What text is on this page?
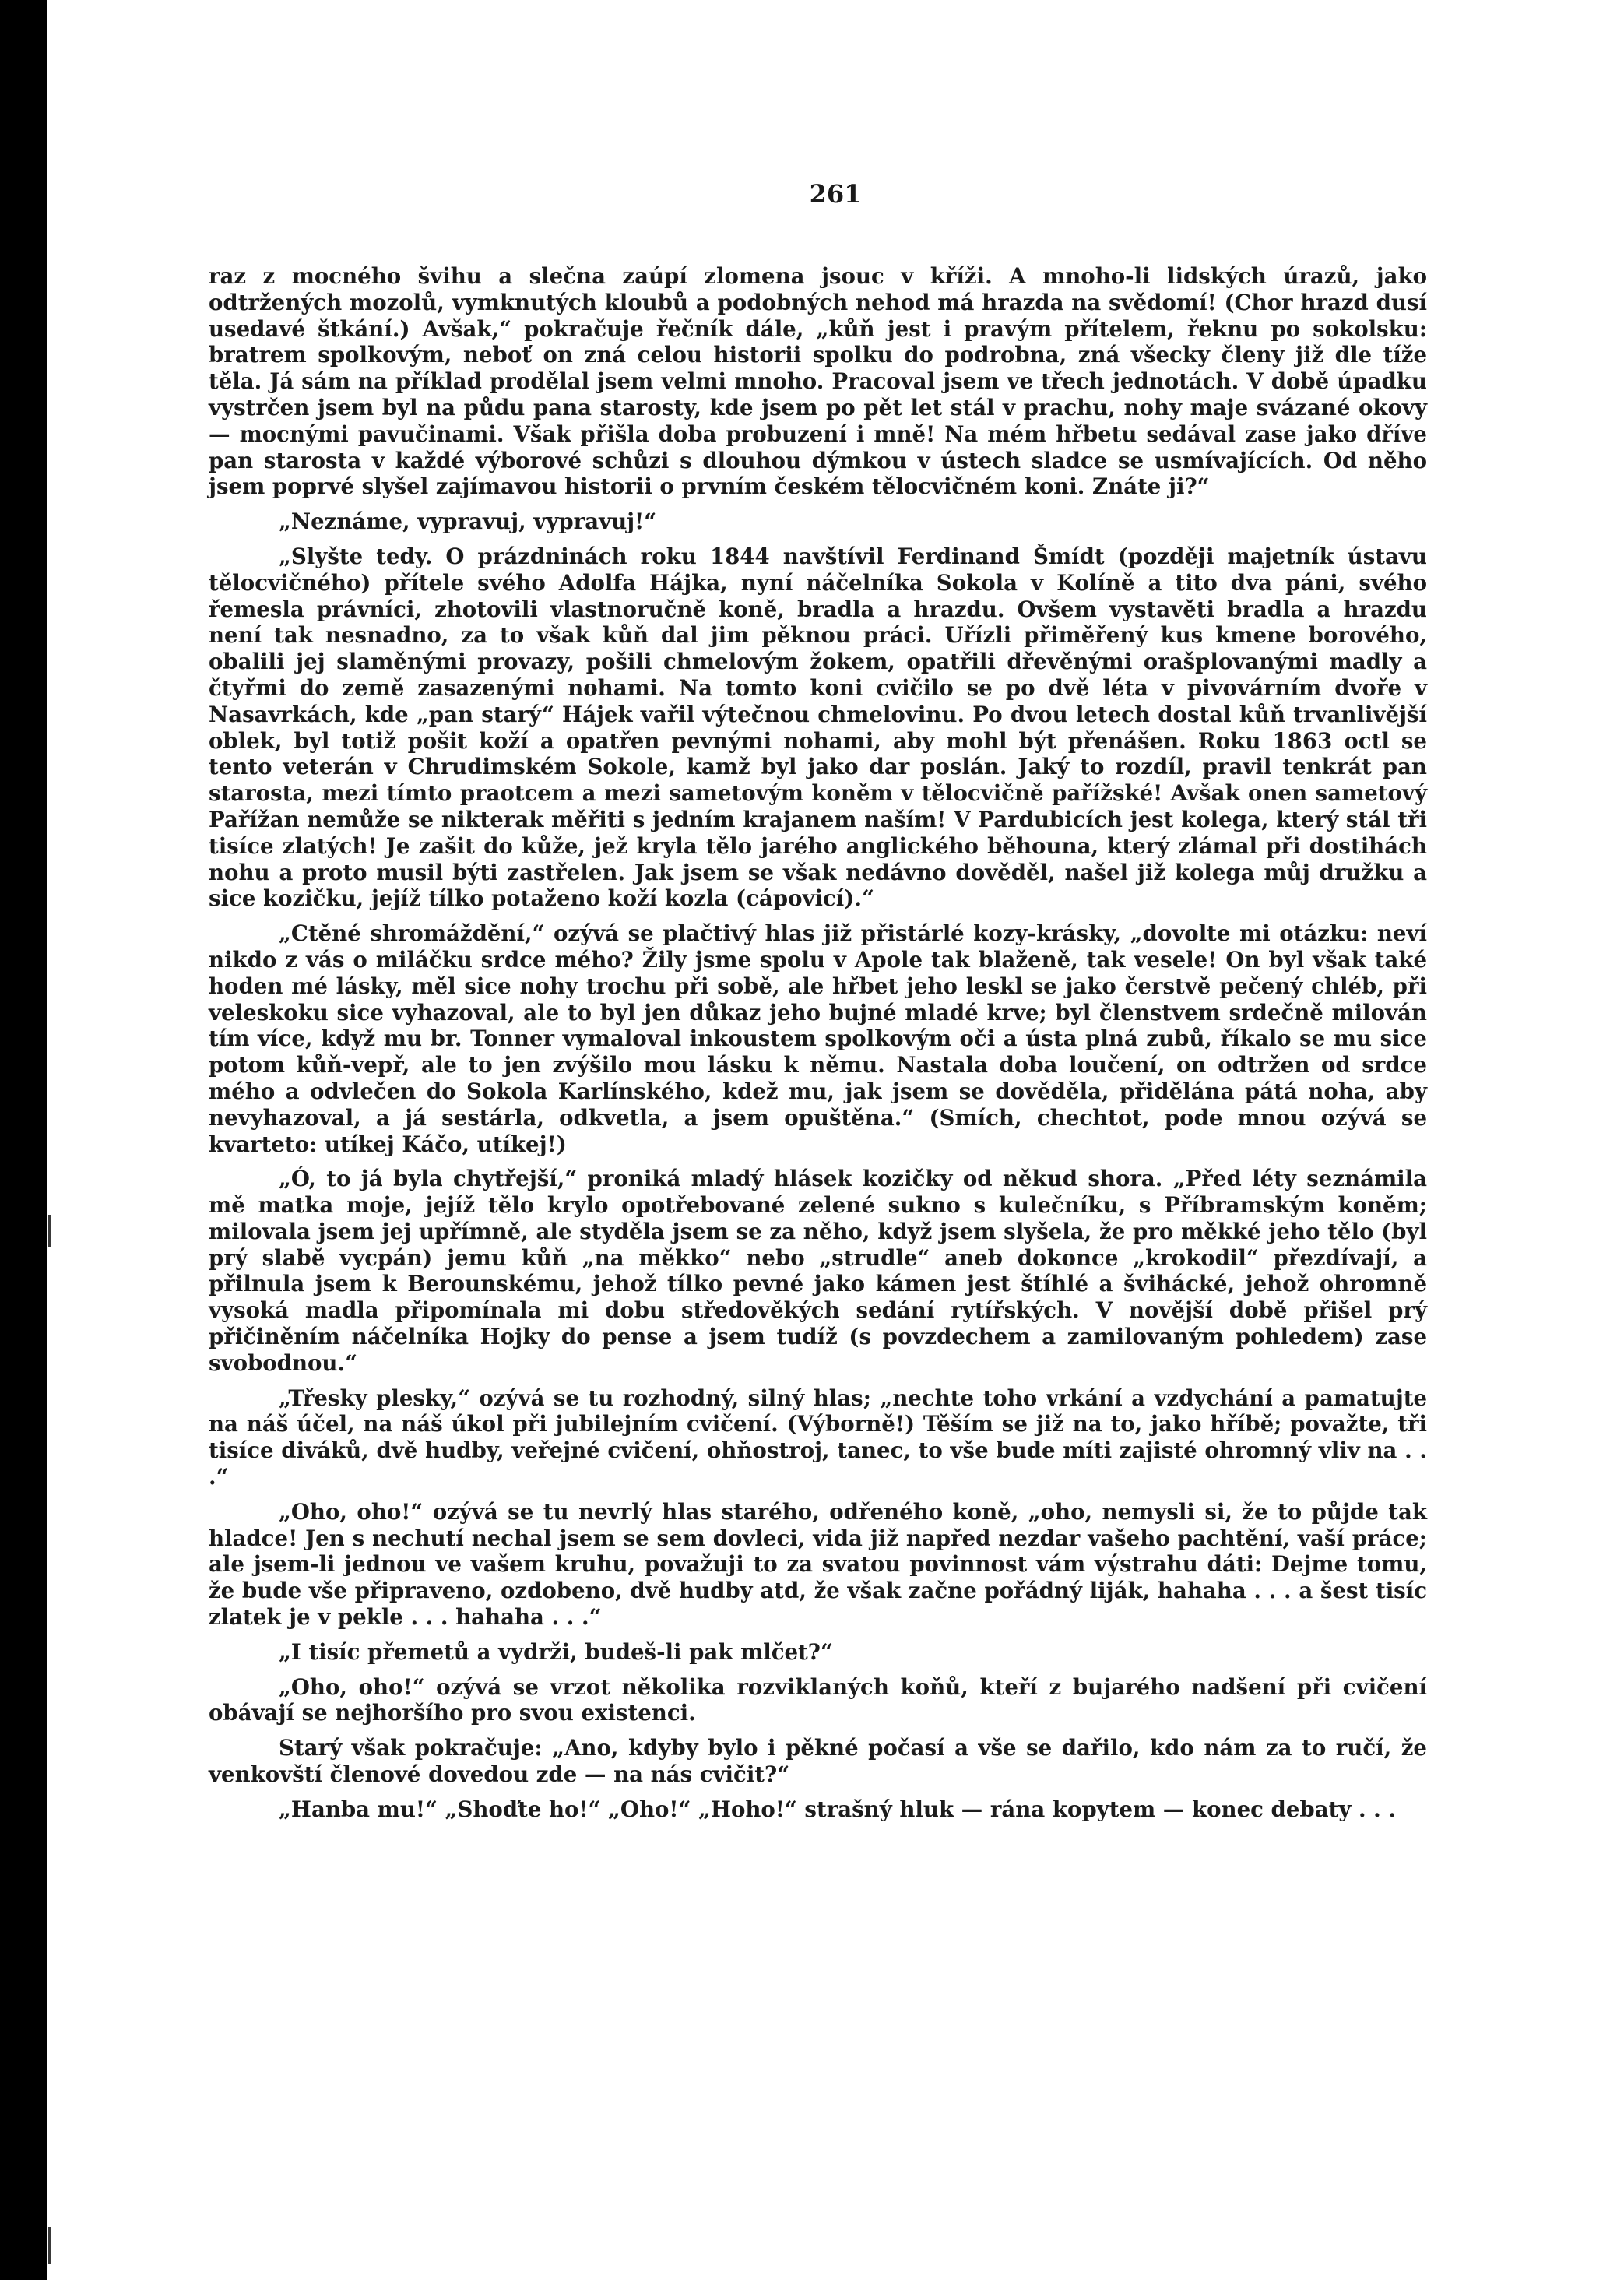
261

raz z mocného švihu a slečna zaúpí zlomena jsouc v kříži. A mnoho-li lidských úrazů, jako odtržených mozolů, vymknutých kloubů a podobných nehod má hrazda na svědomí! (Chor hrazd dusí usedavé štkání.) Avšak,“ pokračuje řečník dále, „kůň jest i pravým přítelem, řeknu po sokolsku: bratrem spolkovým, neboť on zná celou historii spolku do podrobna, zná všecky členy již dle tíže těla. Já sám na příklad prodělal jsem velmi mnoho. Pracoval jsem ve třech jednotách. V době úpadku vystrčen jsem byl na půdu pana starosty, kde jsem po pět let stál v prachu, nohy maje svázané okovy — mocnými pavučinami. Však přišla doba probuzení i mně! Na mém hřbetu sedával zase jako dříve pan starosta v každé výborové schůzi s dlouhou dýmkou v ústech sladce se usmívajících. Od něho jsem poprvé slyšel zajímavou historii o prvním českém tělocvičném koni. Znáte ji?“

„Neznáme, vypravuj, vypravuj!“

„Slyšte tedy. O prázdninách roku 1844 navštívil Ferdinand Šmídt (později majetník ústavu tělocvičného) přítele svého Adolfa Hájka, nyní náčelníka Sokola v Kolíně a tito dva páni, svého řemesla právníci, zhotovili vlastnoručně koně, bradla a hrazdu. Ovšem vystavěti bradla a hrazdu není tak nesnadno, za to však kůň dal jim pěknou práci. Uřízli přiměřený kus kmene borového, obalili jej slaměnými provazy, pošili chmelovým žokem, opatřili dřevěnými orašplovanými madly a čtyřmi do země zasazenými nohami. Na tomto koni cvičilo se po dvě léta v pivovárním dvoře v Nasavrkách, kde „pan starý“ Hájek vařil výtečnou chmelovinu. Po dvou letech dostal kůň trvanlivější oblek, byl totiž pošit koží a opatřen pevnými nohami, aby mohl být přenášen. Roku 1863 octl se tento veterán v Chrudimském Sokole, kamž byl jako dar poslán. Jaký to rozdíl, pravil tenkrát pan starosta, mezi tímto praotcem a mezi sametovým koněm v tělocvičně pařížské! Avšak onen sametový Pařížan nemůže se nikterak měřiti s jedním krajanem naším! V Pardubicích jest kolega, který stál tři tisíce zlatých! Je zašit do kůže, jež kryla tělo jarého anglického běhouna, který zlámal při dostihách nohu a proto musil býti zastřelen. Jak jsem se však nedávno dověděl, našel již kolega můj družku a sice kozičku, jejíž tílko potaženo koží kozla (cápovicí).“

„Ctěné shromáždění,“ ozývá se plačtivý hlas již přistárlé kozy-krásky, „dovolte mi otázku: neví nikdo z vás o miláčku srdce mého? Žily jsme spolu v Apole tak blaženě, tak vesele! On byl však také hoden mé lásky, měl sice nohy trochu při sobě, ale hřbet jeho leskl se jako čerstvě pečený chléb, při veleskoku sice vyhazoval, ale to byl jen důkaz jeho bujné mladé krve; byl členstvem srdečně milován tím více, když mu br. Tonner vymaloval inkoustem spolkovým oči a ústa plná zubů, říkalo se mu sice potom kůň-vepř, ale to jen zvýšilo mou lásku k němu. Nastala doba loučení, on odtržen od srdce mého a odvlečen do Sokola Karlínského, kdež mu, jak jsem se dověděla, přidělána pátá noha, aby nevyhazoval, a já sestárla, odkvetla, a jsem opuštěna.“ (Smích, chechtot, pode mnou ozývá se kvarteto: utíkej Káčo, utíkej!)

„Ó, to já byla chytřejší,“ proniká mladý hlásek kozičky od někud shora. „Před léty seznámila mě matka moje, jejíž tělo krylo opotřebované zelené sukno s kulečníku, s Příbramským koněm; milovala jsem jej upřímně, ale styděla jsem se za něho, když jsem slyšela, že pro měkké jeho tělo (byl prý slabě vycpán) jemu kůň „na měkko“ nebo „strudle“ aneb dokonce „krokodil“ přezdívají, a přilnula jsem k Berounskému, jehož tílko pevné jako kámen jest štíhlé a švihácké, jehož ohromně vysoká madla připomínala mi dobu středověkých sedání rytířských. V novější době přišel prý přičiněním náčelníka Hojky do pense a jsem tudíž (s povzdechem a zamilovaným pohledem) zase svobodnou.“

„Třesky plesky,“ ozývá se tu rozhodný, silný hlas; „nechte toho vrkání a vzdychání a pamatujte na náš účel, na náš úkol při jubilejním cvičení. (Výborně!) Těším se již na to, jako hříbě; považte, tři tisíce diváků, dvě hudby, veřejné cvičení, ohňostroj, tanec, to vše bude míti zajisté ohromný vliv na . . .“

„Oho, oho!“ ozývá se tu nevrlý hlas starého, odřeného koně, „oho, nemysli si, že to půjde tak hladce! Jen s nechutí nechal jsem se sem dovleci, vida již napřed nezdar vašeho pachtění, vaší práce; ale jsem-li jednou ve vašem kruhu, považuji to za svatou povinnost vám výstrahu dáti: Dejme tomu, že bude vše připraveno, ozdobeno, dvě hudby atd, že však začne pořádný liják, hahaha . . . a šest tisíc zlatek je v pekle . . . hahaha . . .“

„I tisíc přemetů a vydrži, budeš-li pak mlčet?“

„Oho, oho!“ ozývá se vrzot několika rozviklaných koňů, kteří z bujarého nadšení při cvičení obávají se nejhoršího pro svou existenci.

Starý však pokračuje: „Ano, kdyby bylo i pěkné počasí a vše se dařilo, kdo nám za to ručí, že venkovští členové dovedou zde — na nás cvičit?“

„Hanba mu!“ „Shoďte ho!“ „Oho!“ „Hoho!“ strašný hluk — rána kopytem — konec debaty . . .
